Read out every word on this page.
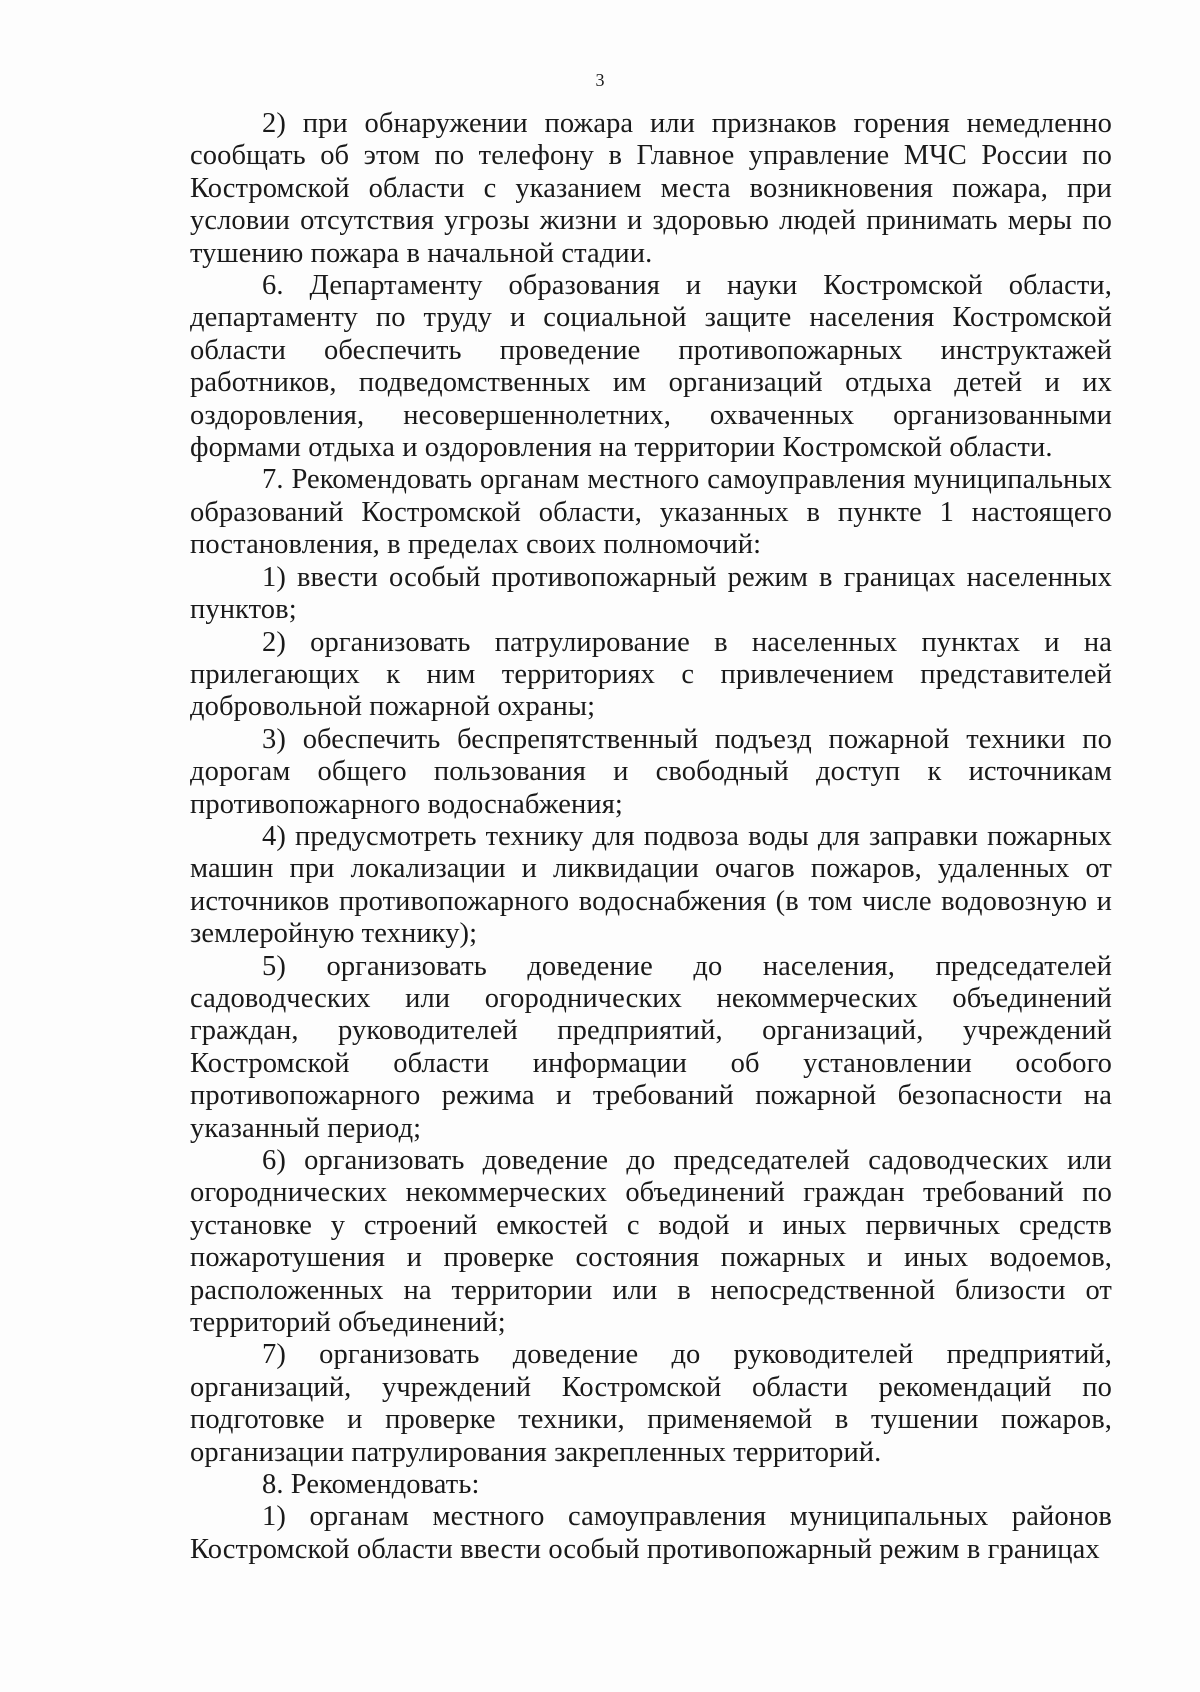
3

2) при обнаружении пожара или признаков горения немедленно сообщать об этом по телефону в Главное управление МЧС России по Костромской области с указанием места возникновения пожара, при условии отсутствия угрозы жизни и здоровью людей принимать меры по тушению пожара в начальной стадии.

6. Департаменту образования и науки Костромской области, департаменту по труду и социальной защите населения Костромской области обеспечить проведение противопожарных инструктажей работников, подведомственных им организаций отдыха детей и их оздоровления, несовершеннолетних, охваченных организованными формами отдыха и оздоровления на территории Костромской области.

7. Рекомендовать органам местного самоуправления муниципальных образований Костромской области, указанных в пункте 1 настоящего постановления, в пределах своих полномочий:

1) ввести особый противопожарный режим в границах населенных пунктов;

2) организовать патрулирование в населенных пунктах и на прилегающих к ним территориях с привлечением представителей добровольной пожарной охраны;

3) обеспечить беспрепятственный подъезд пожарной техники по дорогам общего пользования и свободный доступ к источникам противопожарного водоснабжения;

4) предусмотреть технику для подвоза воды для заправки пожарных машин при локализации и ликвидации очагов пожаров, удаленных от источников противопожарного водоснабжения (в том числе водовозную и землеройную технику);

5) организовать доведение до населения, председателей садоводческих или огороднических некоммерческих объединений граждан, руководителей предприятий, организаций, учреждений Костромской области информации об установлении особого противопожарного режима и требований пожарной безопасности на указанный период;

6) организовать доведение до председателей садоводческих или огороднических некоммерческих объединений граждан требований по установке у строений емкостей с водой и иных первичных средств пожаротушения и проверке состояния пожарных и иных водоемов, расположенных на территории или в непосредственной близости от территорий объединений;

7) организовать доведение до руководителей предприятий, организаций, учреждений Костромской области рекомендаций по подготовке и проверке техники, применяемой в тушении пожаров, организации патрулирования закрепленных территорий.

8. Рекомендовать:

1) органам местного самоуправления муниципальных районов Костромской области ввести особый противопожарный режим в границах
